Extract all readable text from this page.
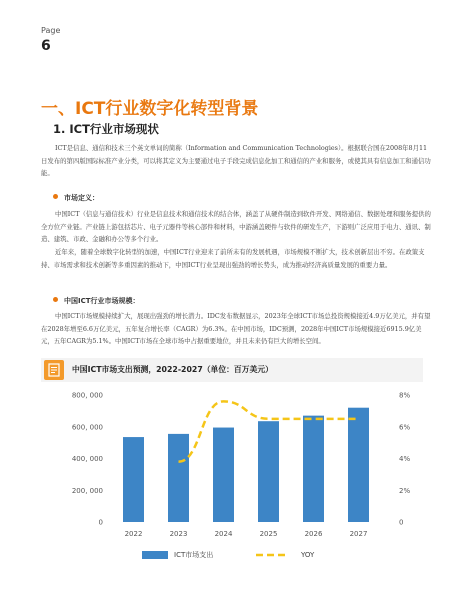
Page
6
一、ICT行业数字化转型背景
1. ICT行业市场现状

ICT是信息、通信和技术三个英文单词的简称（Information and Communication Technologies）。根据联合国在2008年8月11日发布的第四版国际标准产业分类，可以将其定义为主要通过电子手段完成信息化加工和通信的产业和服务，或使其具有信息加工和通信功能。

市场定义：

中国ICT（信息与通信技术）行业是信息技术和通信技术的结合体，涵盖了从硬件制造到软件开发、网络通信、数据处理和服务提供的全方位产业链。产业链上游包括芯片、电子元器件等核心部件和材料，中游涵盖硬件与软件的研发生产，下游则广泛应用于电力、通讯、制造、建筑、市政、金融和办公等多个行业。

近年来，随着全球数字化转型的加速，中国ICT行业迎来了前所未有的发展机遇，市场规模不断扩大，技术创新层出不穷。在政策支持、市场需求和技术创新等多重因素的推动下，中国ICT行业呈现出强劲的增长势头，成为推动经济高质量发展的重要力量。

中国ICT行业市场规模：

中国ICT市场规模持续扩大，展现出强劲的增长潜力。IDC发布数据显示，2023年全球ICT市场总投资规模接近4.9万亿美元，并有望在2028年增至6.6万亿美元，五年复合增长率（CAGR）为6.3%。在中国市场，IDC预测，2028年中国ICT市场规模接近6915.9亿美元，五年CAGR为5.1%。中国ICT市场在全球市场中占据重要地位，并且未来仍有巨大的增长空间。

中国ICT市场支出预测，2022-2027（单位：百万美元）
0
200, 000
400, 000
600, 000
800, 000
0
2%
4%
6%
8%
2022	2023	2024	2025	2026	2027
ICT市场支出	YOY
